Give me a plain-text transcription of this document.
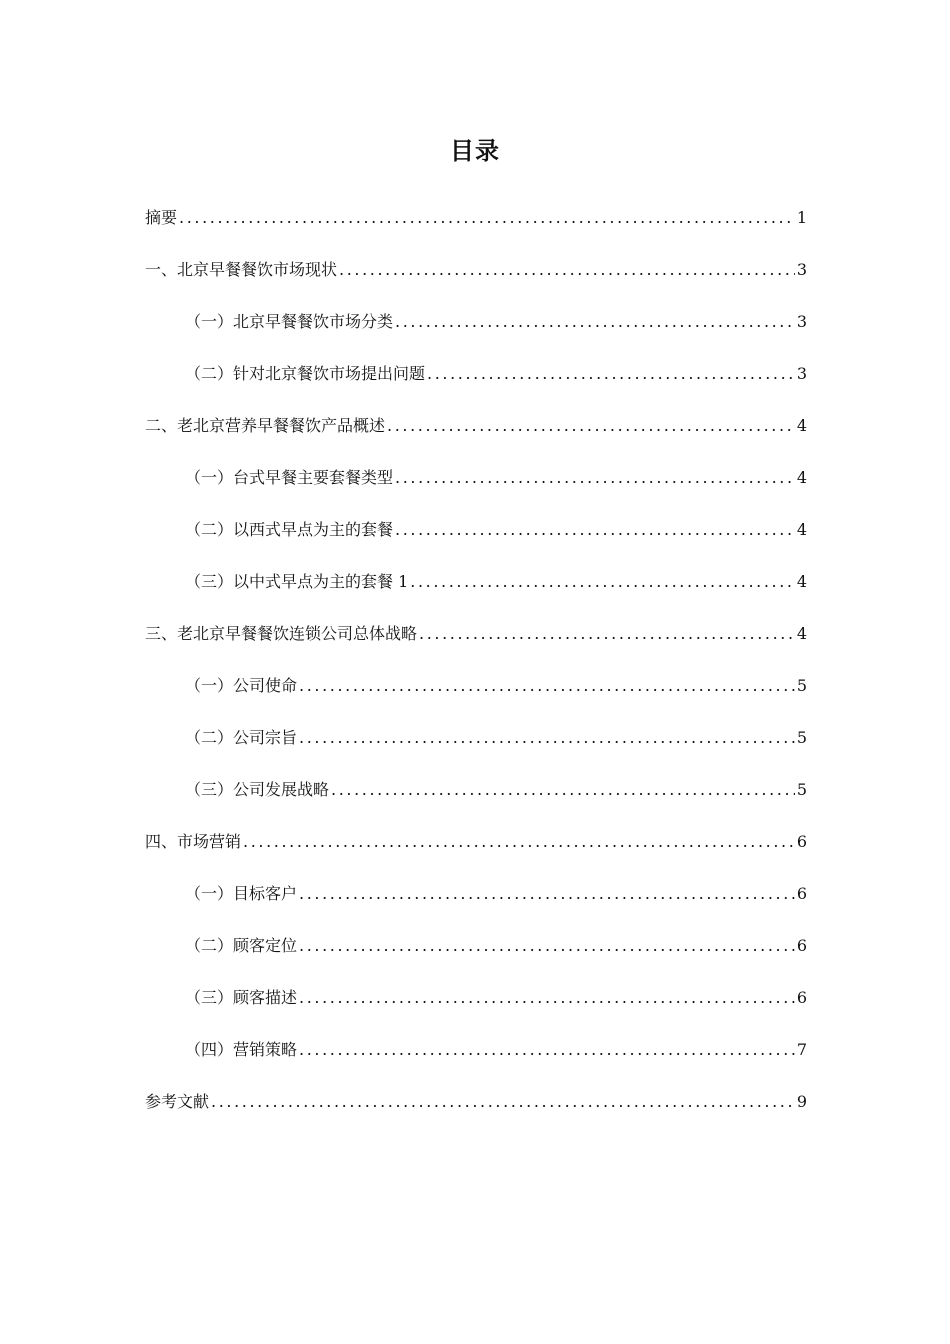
目录
摘要 .....	1
一、北京早餐餐饮市场现状 .....	3
（一）北京早餐餐饮市场分类 .....	3
（二）针对北京餐饮市场提出问题 .....	3
二、老北京营养早餐餐饮产品概述 .....	4
（一）台式早餐主要套餐类型 .....	4
（二）以西式早点为主的套餐 .....	4
（三）以中式早点为主的套餐 1 .....	4
三、老北京早餐餐饮连锁公司总体战略 .....	4
（一）公司使命 .....	5
（二）公司宗旨 .....	5
（三）公司发展战略 .....	5
四、市场营销 .....	6
（一）目标客户 .....	6
（二）顾客定位 .....	6
（三）顾客描述 .....	6
（四）营销策略 .....	7
参考文献 .....	9
